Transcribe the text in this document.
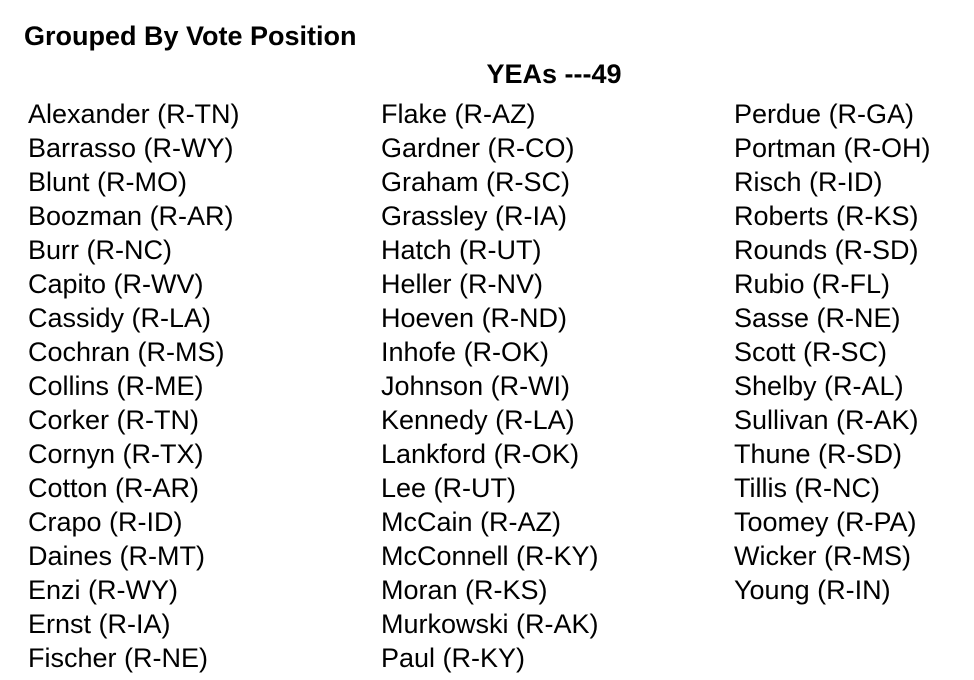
Grouped By Vote Position
YEAs ---49
Alexander (R-TN)
Barrasso (R-WY)
Blunt (R-MO)
Boozman (R-AR)
Burr (R-NC)
Capito (R-WV)
Cassidy (R-LA)
Cochran (R-MS)
Collins (R-ME)
Corker (R-TN)
Cornyn (R-TX)
Cotton (R-AR)
Crapo (R-ID)
Daines (R-MT)
Enzi (R-WY)
Ernst (R-IA)
Fischer (R-NE)
Flake (R-AZ)
Gardner (R-CO)
Graham (R-SC)
Grassley (R-IA)
Hatch (R-UT)
Heller (R-NV)
Hoeven (R-ND)
Inhofe (R-OK)
Johnson (R-WI)
Kennedy (R-LA)
Lankford (R-OK)
Lee (R-UT)
McCain (R-AZ)
McConnell (R-KY)
Moran (R-KS)
Murkowski (R-AK)
Paul (R-KY)
Perdue (R-GA)
Portman (R-OH)
Risch (R-ID)
Roberts (R-KS)
Rounds (R-SD)
Rubio (R-FL)
Sasse (R-NE)
Scott (R-SC)
Shelby (R-AL)
Sullivan (R-AK)
Thune (R-SD)
Tillis (R-NC)
Toomey (R-PA)
Wicker (R-MS)
Young (R-IN)
